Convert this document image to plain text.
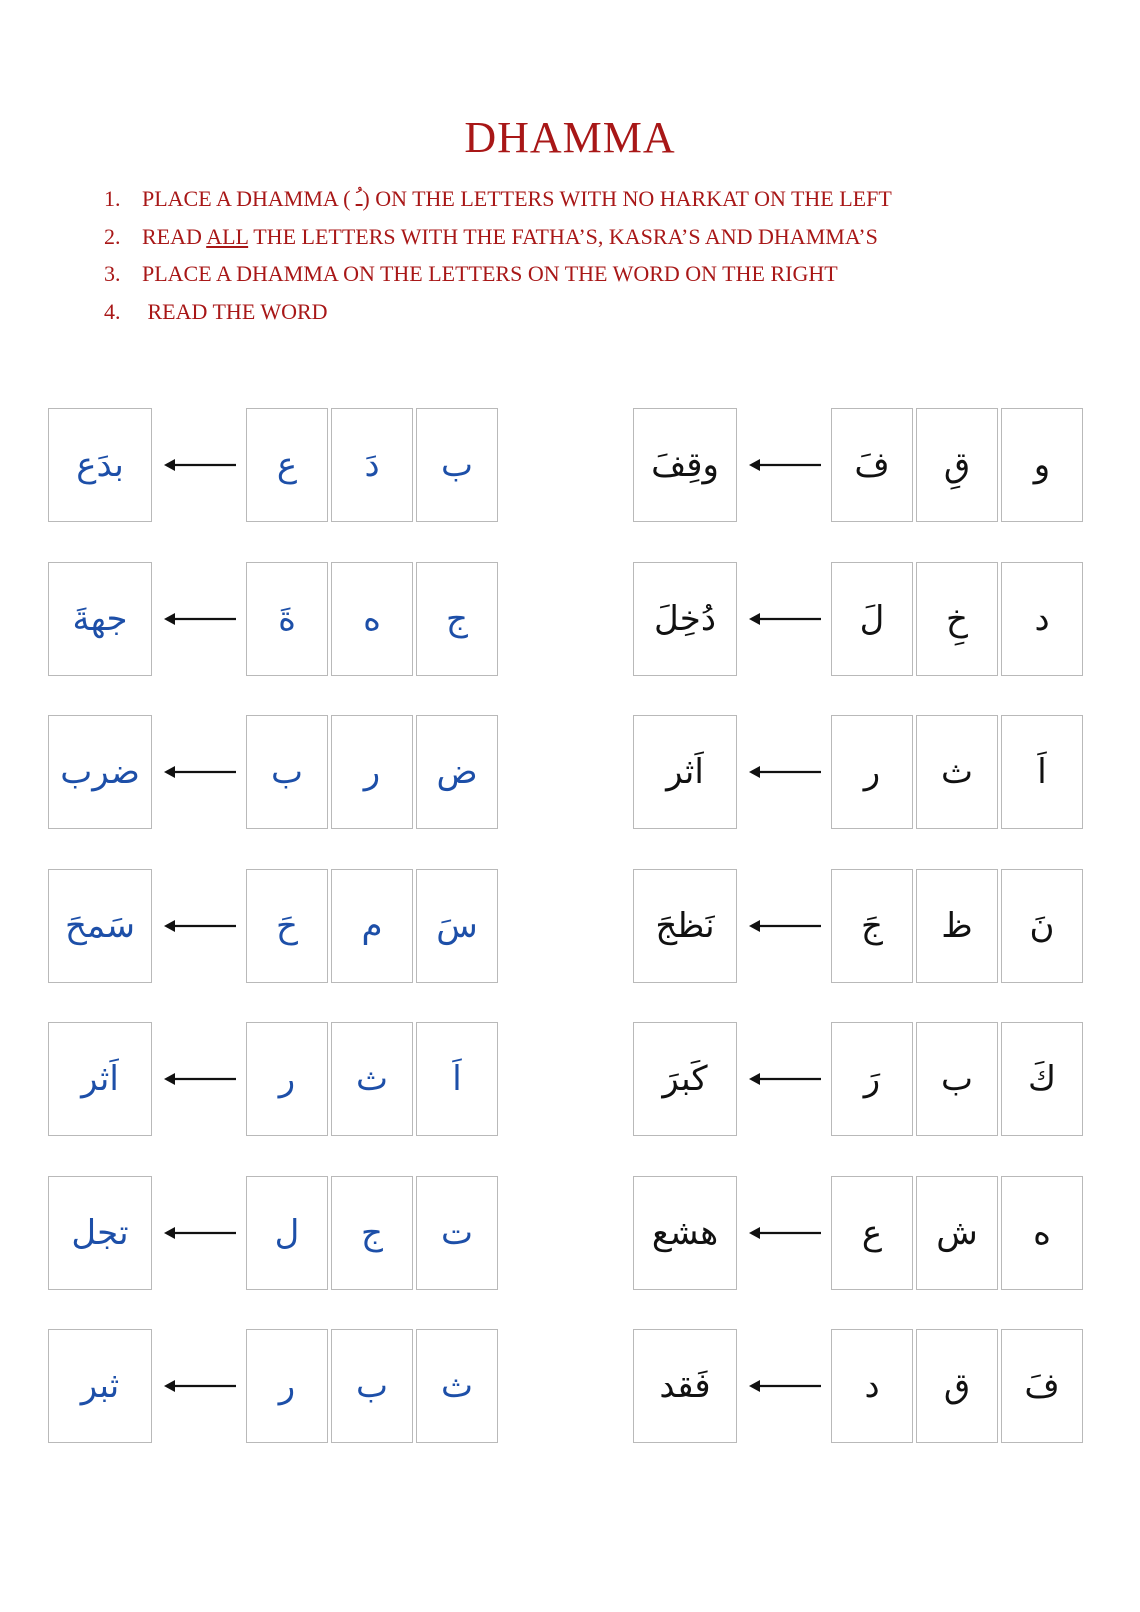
DHAMMA
1. PLACE A DHAMMA ( ـُ) ON THE LETTERS WITH NO HARKAT ON THE LEFT
2. READ ALL THE LETTERS WITH THE FATHA’S, KASRA’S AND DHAMMA’S
3. PLACE A DHAMMA ON THE LETTERS ON THE WORD ON THE RIGHT
4. READ THE WORD
بدَع	ع	دَ	ب
جهةَ	ةَ	ه	ج
ضرب	ب	ر	ض
سَمحَ	حَ	م	سَ
اَثر	ر	ث	اَ
تجل	ل	ج	ت
ثبر	ر	ب	ث
وقِفَ	فَ	قِ	و
دُخِلَ	لَ	خِ	د
اَثر	ر	ث	اَ
نَظجَ	جَ	ظ	نَ
كَبرَ	رَ	ب	كَ
هشع	ع	ش	ه
فَقد	د	ق	فَ
